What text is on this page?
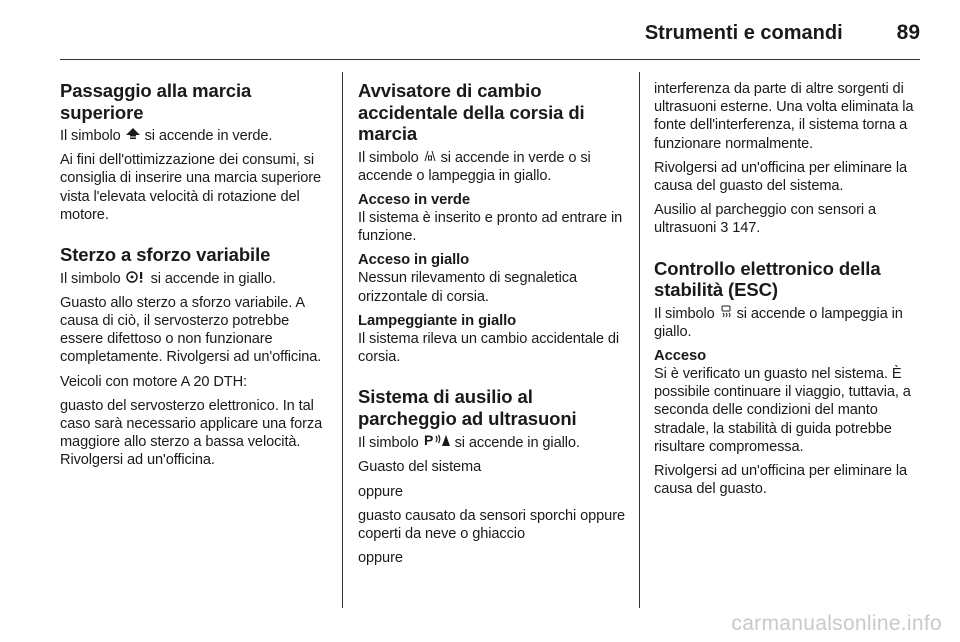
Strumenti e comandi	89
Passaggio alla marcia superiore

Il simbolo si accende in verde.

Ai fini dell'ottimizzazione dei consumi, si consiglia di inserire una marcia superiore vista l'elevata velocità di rotazione del motore.

Sterzo a sforzo variabile

Il simbolo si accende in giallo.

Guasto allo sterzo a sforzo variabile. A causa di ciò, il servosterzo potrebbe essere difettoso o non funzionare completamente. Rivolgersi ad un'officina.

Veicoli con motore A 20 DTH:

guasto del servosterzo elettronico. In tal caso sarà necessario applicare una forza maggiore allo sterzo a bassa velocità. Rivolgersi ad un'officina.

Avvisatore di cambio accidentale della corsia di marcia

Il simbolo si accende in verde o si accende o lampeggia in giallo.

Acceso in verde

Il sistema è inserito e pronto ad entrare in funzione.

Acceso in giallo

Nessun rilevamento di segnaletica orizzontale di corsia.

Lampeggiante in giallo

Il sistema rileva un cambio accidentale di corsia.

Sistema di ausilio al parcheggio ad ultrasuoni

Il simbolo P si accende in giallo.

Guasto del sistema

oppure

guasto causato da sensori sporchi oppure coperti da neve o ghiaccio

oppure

interferenza da parte di altre sorgenti di ultrasuoni esterne. Una volta eliminata la fonte dell'interferenza, il sistema torna a funzionare normalmente.

Rivolgersi ad un'officina per eliminare la causa del guasto del sistema.

Ausilio al parcheggio con sensori a ultrasuoni 3 147.

Controllo elettronico della stabilità (ESC)

Il simbolo si accende o lampeggia in giallo.

Acceso

Si è verificato un guasto nel sistema. È possibile continuare il viaggio, tuttavia, a seconda delle condizioni del manto stradale, la stabilità di guida potrebbe risultare compromessa.

Rivolgersi ad un'officina per eliminare la causa del guasto.

carmanualsonline.info
